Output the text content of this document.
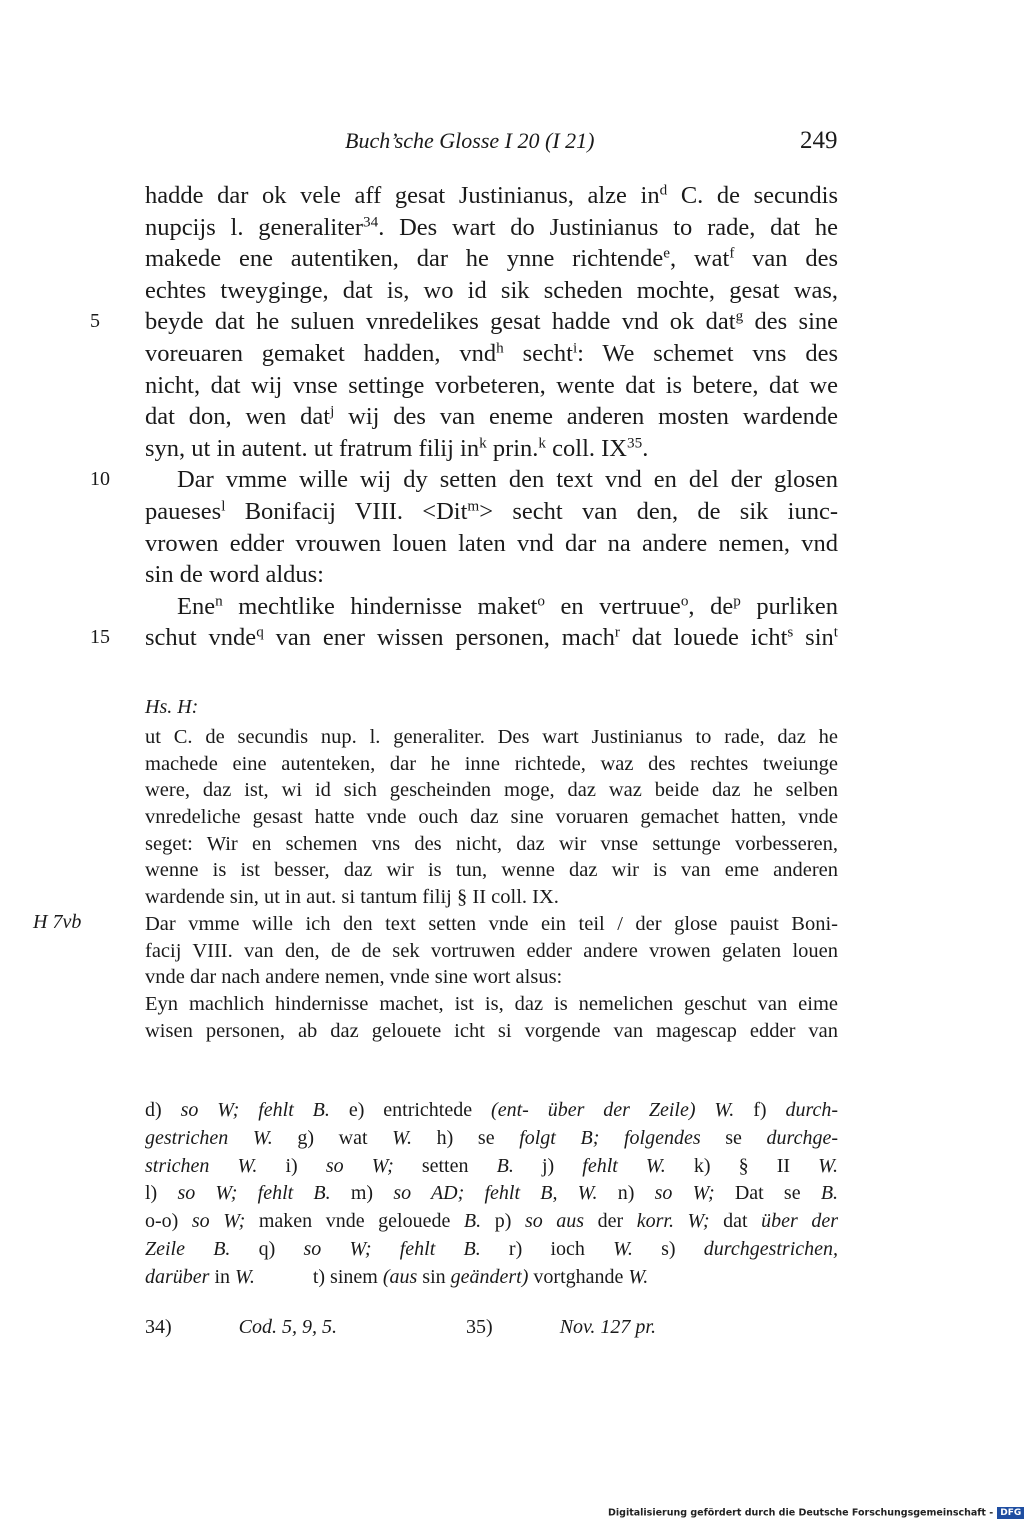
Buch’sche Glosse I 20 (I 21)	249
hadde dar ok vele aff gesat Justinianus, alze $in^d$ C. de secundis
nupcijs l. generaliter$^{34}$. Des wart do Justinianus to rade, dat he
makede ene autentiken, dar he ynne richtende$^e$, wat$^f$ van des
echtes tweyginge, dat is, wo id sik scheden mochte, gesat was,
5	beyde dat he suluen vnredelikes gesat hadde vnd ok dat$^g$ des sine
voreuaren gemaket hadden, vnd$^h$ secht$^i$: We schemet vns des
nicht, dat wij vnse settinge vorbeteren, wente dat is betere, dat we
dat don, wen dat$^j$ wij des van eneme anderen mosten wardende
syn, ut in autent. ut fratrum filij $in^k$ prin.$^k$ coll. IX$^{35}$.
10	Dar vmme wille wij dy setten den text vnd en del der glosen
paueses$^l$ Bonifacij VIII. <Dit$^m$> secht van den, de sik iunc-
vrowen edder vrouwen louen laten vnd dar na andere nemen, vnd
sin de word aldus:
Ene$^n$ mechtlike hindernisse maket$^o$ en vertruue$^o$, $de^p$ purliken
15 schut vnde$^q$ van ener wissen personen, mach$^r$ dat louede icht$^s$ $\sin^t$
Hs. H:
H 7vb
ut C. de secundis nup. l. generaliter. Des wart Justinianus to rade, daz he
machede eine autenteken, dar he inne richtede, waz des rechtes tweiunge
were, daz ist, wi id sich gescheinden moge, daz waz beide daz he selben
vnredeliche gesast hatte vnde ouch daz sine voruaren gemachet hatten, vnde
seget: Wir en schemen vns des nicht, daz wir vnse settunge vorbesseren,
wenne is ist besser, daz wir is tun, wenne daz wir is van eme anderen
wardende sin, ut in aut. si tantum filij § II coll. IX.
Dar vmme wille ich den text setten vnde ein teil / der glose pauist Boni-
facij VIII. van den, de de sek vortruwen edder andere vrowen gelaten louen
vnde dar nach andere nemen, vnde sine wort alsus:
Eyn machlich hindernisse machet, ist is, daz is nemelichen geschut van eime
wisen personen, ab daz gelouete icht si vorgende van magescap edder van
d) so W; fehlt B. e) entrichtede (ent- über der Zeile) W. f) durch-
gestrichen W. g) wat W. h) se folgt B; folgendes se durchge-
strichen W. i) so W; setten B. j) fehlt W. k) § II W.
l) so W; fehlt B. m) so AD; fehlt B, W. n) so W; Dat se B.
o-o) so W; maken vnde gelouede B. p) so aus der korr. W; dat über der
Zeile B. q) so W; fehlt B. r) ioch W. s) durchgestrichen,
darüber in W.	t) sinem (aus sin geändert) vortghande W.
34)	Cod. 5, 9, 5.	35)	Nov. 127 pr.
Digitalisierung gefördert durch die Deutsche Forschungsgemeinschaft - DFG
